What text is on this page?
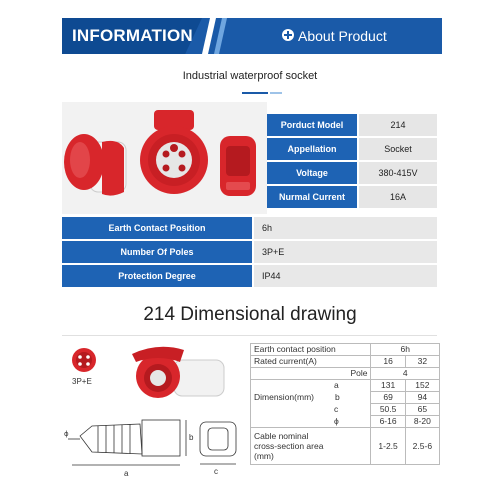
INFORMATION	About Product
Industrial waterproof socket
Porduct Model	214
Appellation	Socket
Voltage	380-415V
Nurmal Current	16A
Earth Contact Position	6h
Number Of Poles	3P+E
Protection Degree	IP44
214 Dimensional drawing
3P+E
a
b
c
ϕ
Earth contact position	6h	
Rated current(A)	16	32
Pole	4	
a	131	152
Dimension(mm) b	69	94
c	50.5	65
ϕ	6-16	8-20

Cable nominal
cross-section area
(mm)	1-2.5	2.5-6
